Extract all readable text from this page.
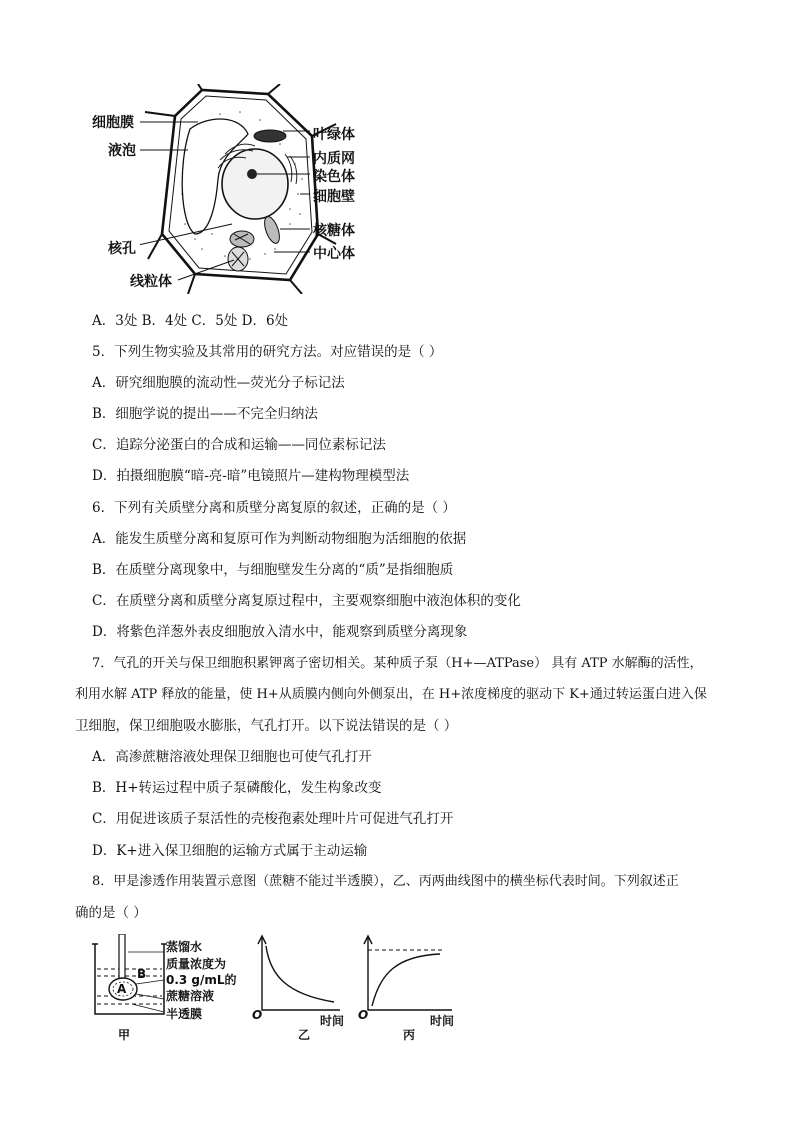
细胞膜
液泡
核孔
线粒体
叶绿体
内质网
染色体
细胞壁
核糖体
中心体
A．3处 B．4处 C．5处 D．6处
5．下列生物实验及其常用的研究方法。对应错误的是（ ）
A．研究细胞膜的流动性—荧光分子标记法
B．细胞学说的提出——不完全归纳法
C．追踪分泌蛋白的合成和运输——同位素标记法
D．拍摄细胞膜“暗-亮-暗”电镜照片—建构物理模型法
6．下列有关质壁分离和质壁分离复原的叙述，正确的是（ ）
A．能发生质壁分离和复原可作为判断动物细胞为活细胞的依据
B．在质壁分离现象中，与细胞壁发生分离的“质”是指细胞质
C．在质壁分离和质壁分离复原过程中，主要观察细胞中液泡体积的变化
D．将紫色洋葱外表皮细胞放入清水中，能观察到质壁分离现象
7．气孔的开关与保卫细胞积累钾离子密切相关。某种质子泵（H+—ATPase） 具有 ATP 水解酶的活性，
利用水解 ATP 释放的能量，使 H+从质膜内侧向外侧泵出，在 H+浓度梯度的驱动下 K+通过转运蛋白进入保
卫细胞，保卫细胞吸水膨胀，气孔打开。以下说法错误的是（ ）
A．高渗蔗糖溶液处理保卫细胞也可使气孔打开
B．H+转运过程中质子泵磷酸化，发生构象改变
C．用促进该质子泵活性的壳梭孢素处理叶片可促进气孔打开
D．K+进入保卫细胞的运输方式属于主动运输
8．甲是渗透作用装置示意图（蔗糖不能过半透膜），乙、丙两曲线图中的横坐标代表时间。下列叙述正
确的是（ ）
A
B
蒸馏水
质量浓度为
0.3 g/mL的
蔗糖溶液
半透膜
甲
O	时间
乙
O	时间
丙
